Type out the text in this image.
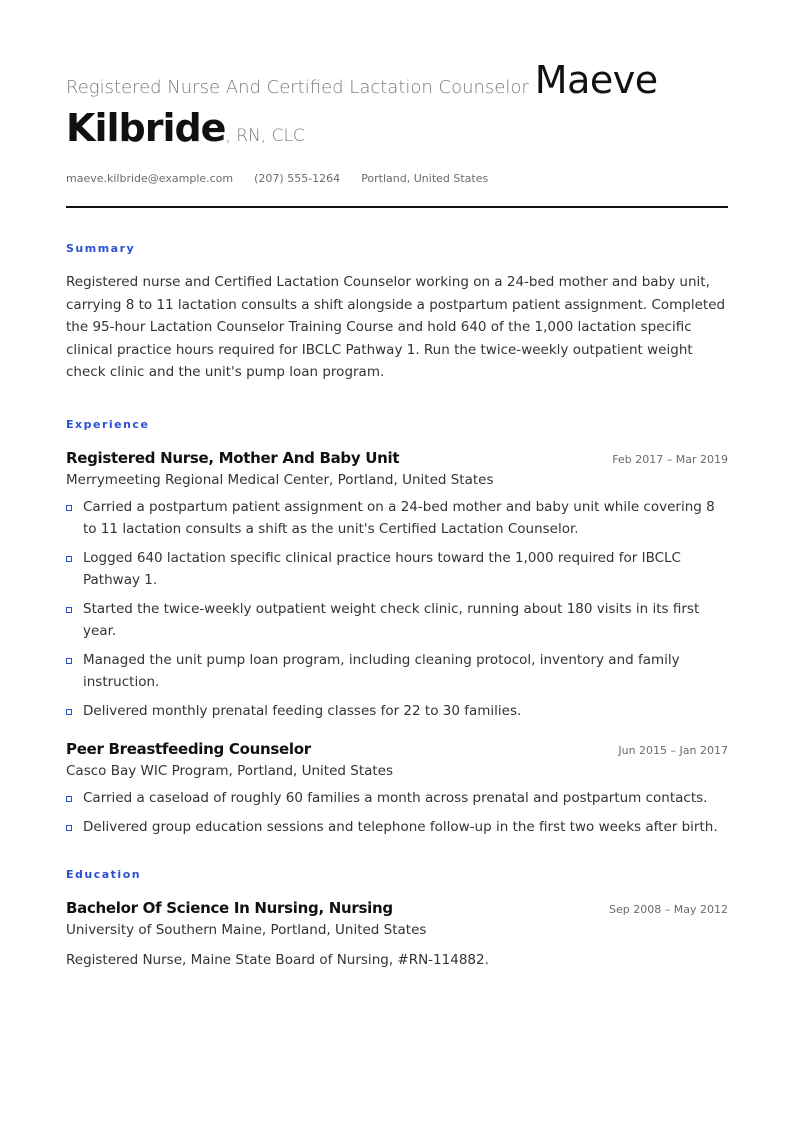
Registered Nurse And Certified Lactation Counselor Maeve
Kilbride, RN, CLC
maeve.kilbride@example.com (207) 555-1264 Portland, United States
Summary
Registered nurse and Certified Lactation Counselor working on a 24-bed mother and baby unit, carrying 8 to 11 lactation consults a shift alongside a postpartum patient assignment. Completed the 95-hour Lactation Counselor Training Course and hold 640 of the 1,000 lactation specific clinical practice hours required for IBCLC Pathway 1. Run the twice-weekly outpatient weight check clinic and the unit's pump loan program.
Experience
Registered Nurse, Mother And Baby Unit	Feb 2017 – Mar 2019
Merrymeeting Regional Medical Center, Portland, United States
Carried a postpartum patient assignment on a 24-bed mother and baby unit while covering 8 to 11 lactation consults a shift as the unit's Certified Lactation Counselor.
Logged 640 lactation specific clinical practice hours toward the 1,000 required for IBCLC Pathway 1.
Started the twice-weekly outpatient weight check clinic, running about 180 visits in its first year.
Managed the unit pump loan program, including cleaning protocol, inventory and family instruction.
Delivered monthly prenatal feeding classes for 22 to 30 families.
Peer Breastfeeding Counselor	Jun 2015 – Jan 2017
Casco Bay WIC Program, Portland, United States
Carried a caseload of roughly 60 families a month across prenatal and postpartum contacts.
Delivered group education sessions and telephone follow-up in the first two weeks after birth.
Education
Bachelor Of Science In Nursing, Nursing	Sep 2008 – May 2012
University of Southern Maine, Portland, United States
Registered Nurse, Maine State Board of Nursing, #RN-114882.
